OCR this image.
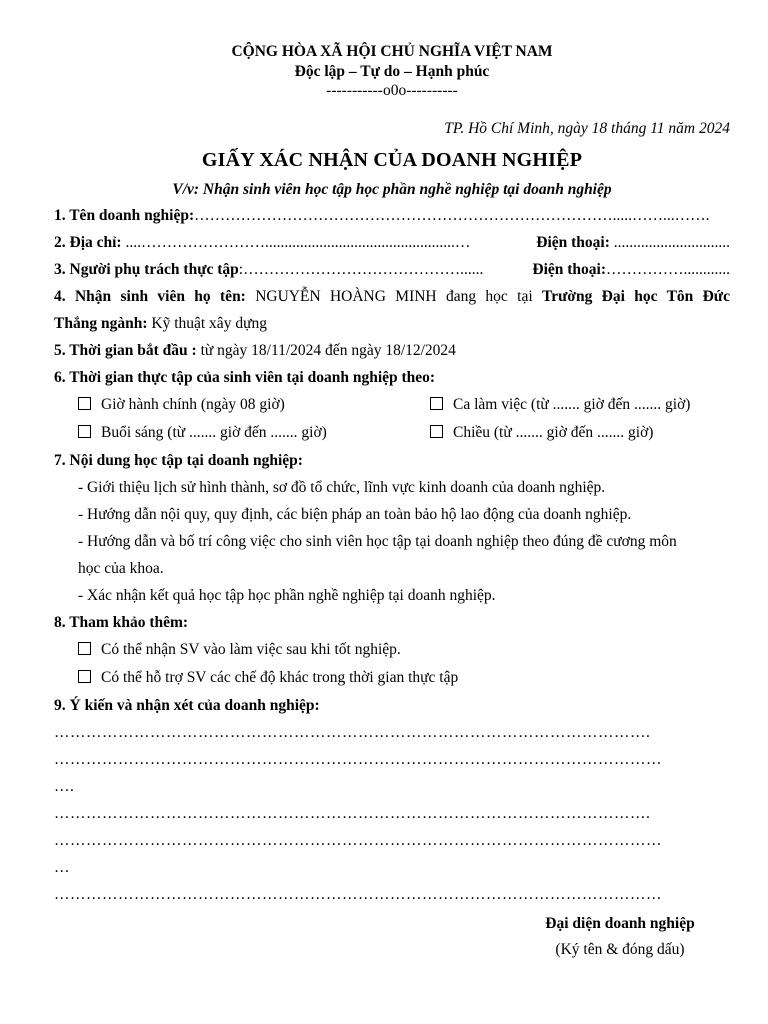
CỘNG HÒA XÃ HỘI CHỦ NGHĨA VIỆT NAM
Độc lập – Tự do – Hạnh phúc
-----------o0o----------
TP. Hồ Chí Minh, ngày 18 tháng 11 năm 2024
GIẤY XÁC NHẬN CỦA DOANH NGHIỆP
V/v: Nhận sinh viên học tập học phần nghề nghiệp tại doanh nghiệp
1. Tên doanh nghiệp:……………………………………………………………………….....……...…….
2. Địa chỉ: ....…………………….................................................…	Điện thoại: ..............................
3. Người phụ trách thực tập:……………………………………......	Điện thoại:……………............
4. Nhận sinh viên họ tên: NGUYỄN HOÀNG MINH đang học tại Trường Đại học Tôn Đức
Thắng ngành: Kỹ thuật xây dựng
5. Thời gian bắt đầu : từ ngày 18/11/2024 đến ngày 18/12/2024
6. Thời gian thực tập của sinh viên tại doanh nghiệp theo:
Giờ hành chính (ngày 08 giờ)	Ca làm việc (từ ....... giờ đến ....... giờ)
Buổi sáng (từ ....... giờ đến ....... giờ)	Chiều (từ ....... giờ đến ....... giờ)
7. Nội dung học tập tại doanh nghiệp:
- Giới thiệu lịch sử hình thành, sơ đồ tổ chức, lĩnh vực kinh doanh của doanh nghiệp.
- Hướng dẫn nội quy, quy định, các biện pháp an toàn bảo hộ lao động của doanh nghiệp.
- Hướng dẫn và bố trí công việc cho sinh viên học tập tại doanh nghiệp theo đúng đề cương môn
học của khoa.
- Xác nhận kết quả học tập học phần nghề nghiệp tại doanh nghiệp.
8. Tham khảo thêm:
Có thể nhận SV vào làm việc sau khi tốt nghiệp.
Có thể hỗ trợ SV các chế độ khác trong thời gian thực tập
9. Ý kiến và nhận xét của doanh nghiệp:
………………………………………………………………………………………………….
……………………………………………………………………………………………………
….
………………………………………………………………………………………………….
……………………………………………………………………………………………………
…
……………………………………………………………………………………………………
Đại diện doanh nghiệp
(Ký tên & đóng dấu)
